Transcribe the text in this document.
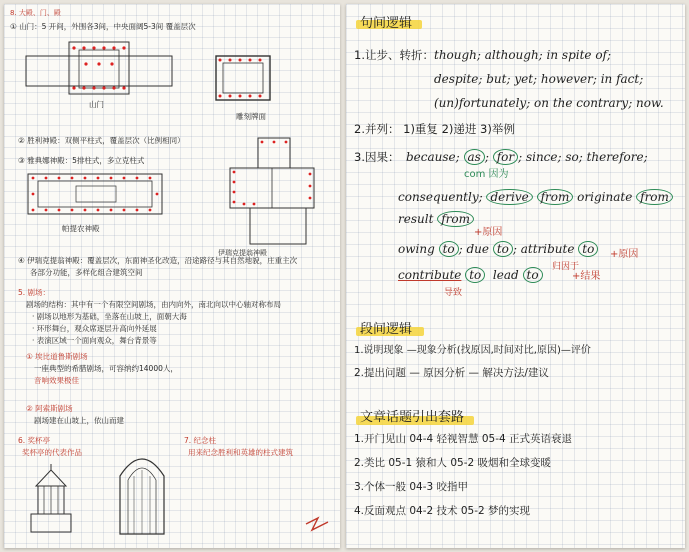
8. 大殿、门、殿
① 山门：5 开间，外围各3间，中央面阔5-3间 覆盖层次
山门
雕刻牌面
② 胜利神殿：双侧平柱式，覆盖层次（比例相同）
③ 雅典娜神殿：5排柱式，多立克柱式
帕提农神殿
伊瑞克提翁神殿
④ 伊瑞克提翁神殿：覆盖层次，东面神圣化改造，沿途路径与其自然地貌，庄重主次
各部分功能，多样化组合建筑空间
5. 剧场：
剧场的结构：其中有一个有限空间剧场，由内向外，南北向以中心轴对称布局
· 剧场以地形为基础，坐落在山坡上，面朝大海
· 环形舞台，观众席逐层升高向外延展
· 表演区域一个面向观众，舞台背景等
① 埃比道鲁斯剧场
一座典型的希腊剧场，可容纳约14000人，
音响效果极佳
② 阿索斯剧场
剧场建在山坡上，依山而建
6. 奖杯亭
奖杯亭的代表作品
7. 纪念柱
用来纪念胜利和英雄的柱式建筑
句间逻辑
1.让步、转折： though; although; in spite of;
despite; but; yet; however; in fact;
(un)fortunately; on the contrary; now.
2.并列： 1)重复 2)递进 3)举例
3.因果： because; as ; for ; since; so; therefore;
com 因为
consequently; derive from originate from
result from
+原因
owing to ; due to ; attribute to	+原因
归因于
contribute to lead to	+结果
导致
段间逻辑
1.说明现象 —现象分析(找原因,时间对比,原因)—评价
2.提出问题 — 原因分析 — 解决方法/建议
文章话题引出套路
1.开门见山 04-4 轻视智慧 05-4 正式英语衰退
2.类比 05-1 猿和人 05-2 吸烟和全球变暖
3.个体一般 04-3 咬指甲
4.反面观点 04-2 技术 05-2 梦的实现
